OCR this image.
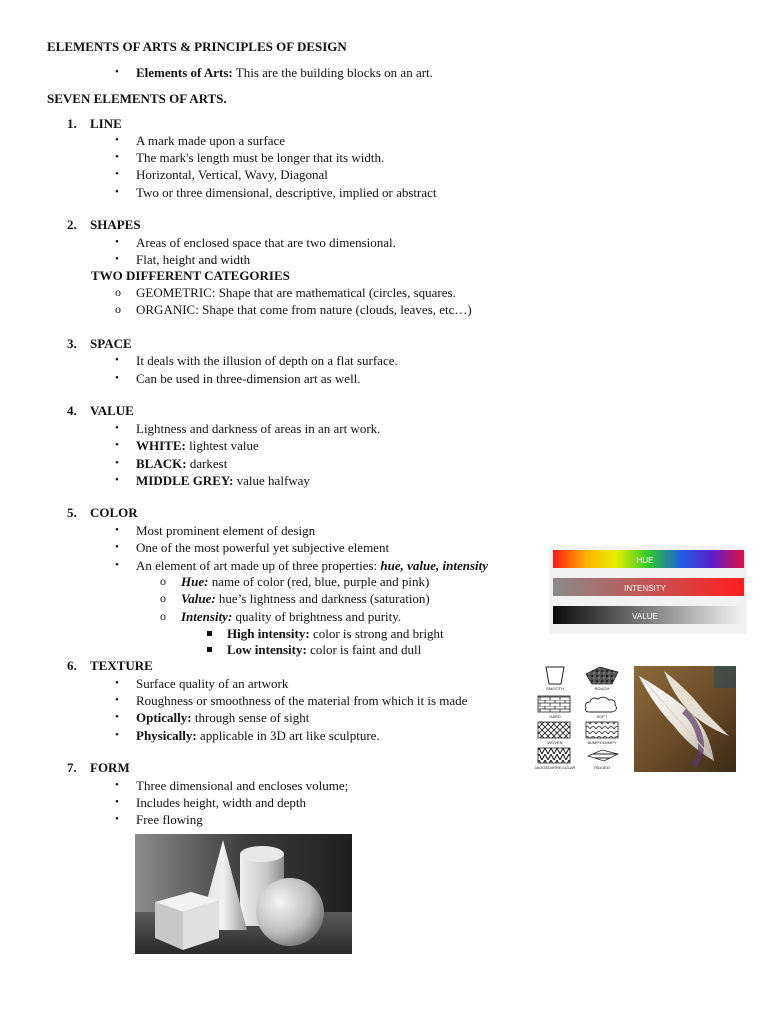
ELEMENTS OF ARTS & PRINCIPLES OF DESIGN
• Elements of Arts: This are the building blocks on an art.
SEVEN ELEMENTS OF ARTS.
1. LINE
• A mark made upon a surface
• The mark's length must be longer that its width.
• Horizontal, Vertical, Wavy, Diagonal
• Two or three dimensional, descriptive, implied or abstract
2. SHAPES
• Areas of enclosed space that are two dimensional.
• Flat, height and width
TWO DIFFERENT CATEGORIES
o GEOMETRIC: Shape that are mathematical (circles, squares.
o ORGANIC: Shape that come from nature (clouds, leaves, etc…)
3. SPACE
• It deals with the illusion of depth on a flat surface.
• Can be used in three-dimension art as well.
4. VALUE
• Lightness and darkness of areas in an art work.
• WHITE: lightest value
• BLACK: darkest
• MIDDLE GREY: value halfway
5. COLOR
• Most prominent element of design
• One of the most powerful yet subjective element
• An element of art made up of three properties: hue, value, intensity
o Hue: name of color (red, blue, purple and pink)
o Value: hue’s lightness and darkness (saturation)
o Intensity: quality of brightness and purity.
High intensity: color is strong and bright
Low intensity: color is faint and dull
HUE
INTENSITY
VALUE
6. TEXTURE
• Surface quality of an artwork
• Roughness or smoothness of the material from which it is made
• Optically: through sense of sight
• Physically: applicable in 3D art like sculpture.
SMOOTH	ROUGH
HARD	SOFT
WOVEN	BUMPY/LUMPY
JAGGED/IRREGULAR	RIDGED
7. FORM
• Three dimensional and encloses volume;
• Includes height, width and depth
• Free flowing
